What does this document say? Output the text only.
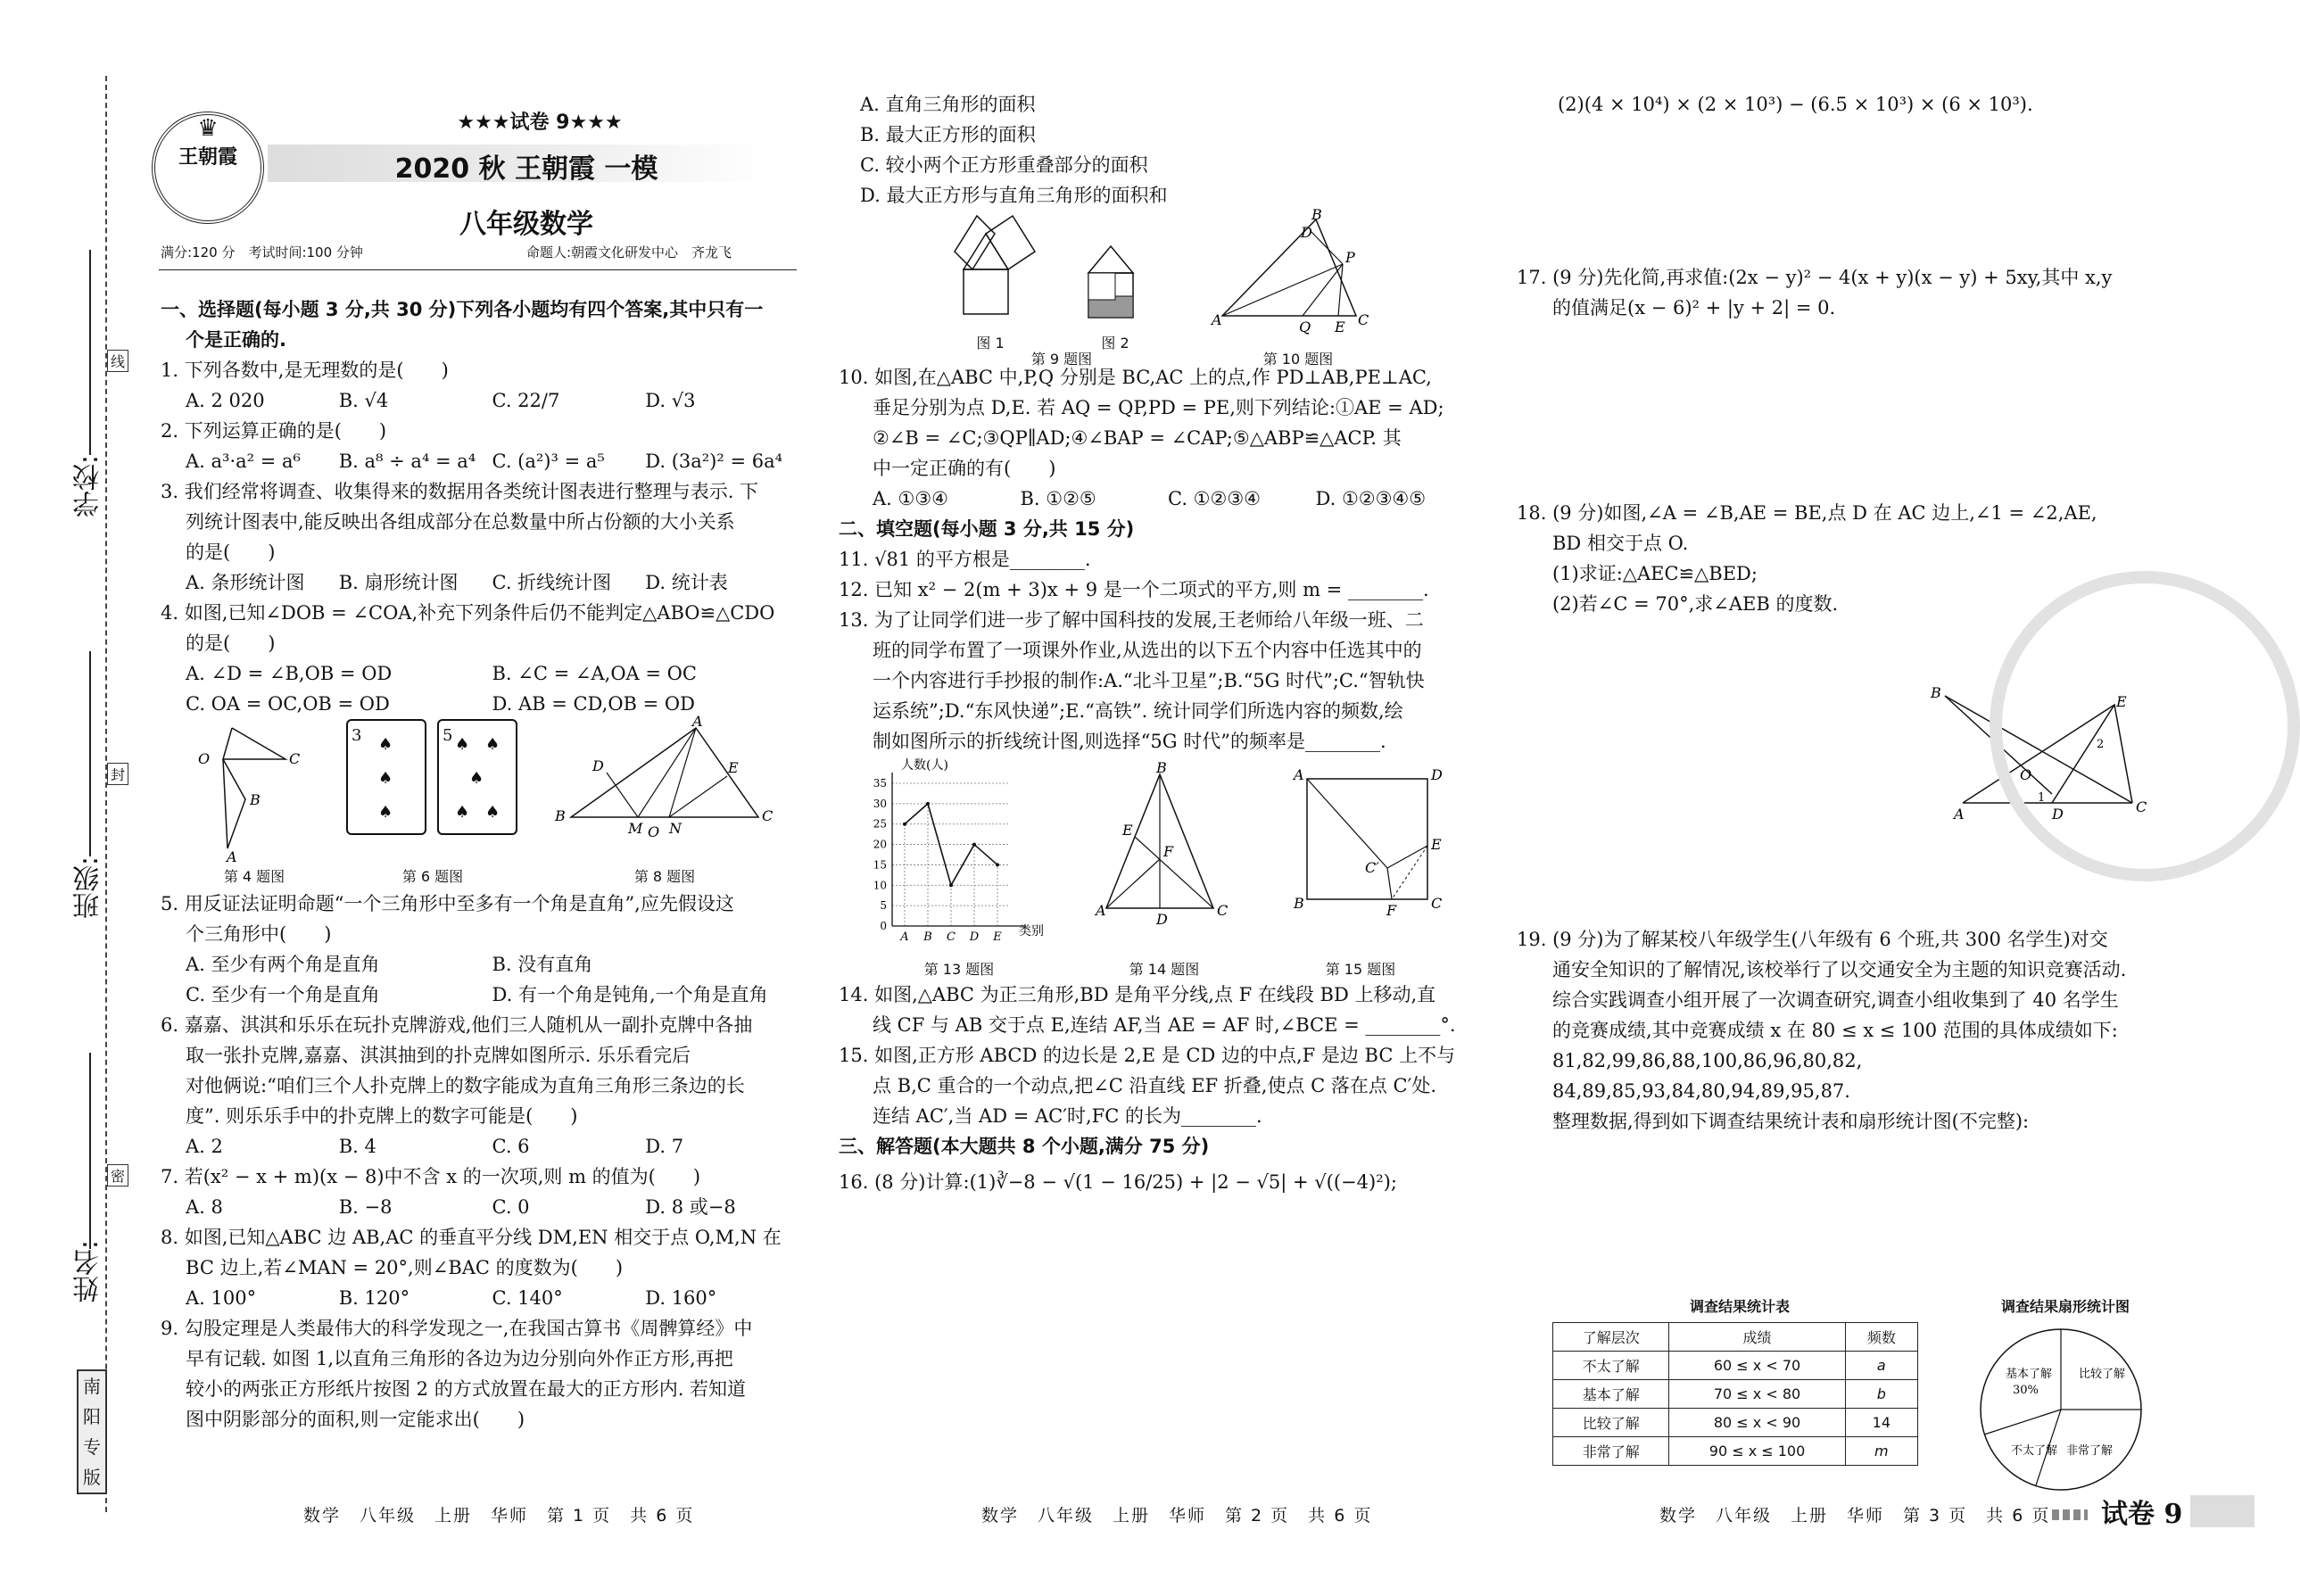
学校:
班级:
姓名:
线
封
密
南阳专版
♛
王朝霞
★★★试卷 9★★★
2020 秋 王朝霞 一模
八年级数学
满分:120 分　考试时间:100 分钟	命题人:朝霞文化研发中心　齐龙飞

一、选择题(每小题 3 分,共 30 分)下列各小题均有四个答案,其中只有一

个是正确的.

1. 下列各数中,是无理数的是(　　)

A. 2 020	B. √4	C. 22/7	D. √3

2. 下列运算正确的是(　　)

A. a³·a² = a⁶	B. a⁸ ÷ a⁴ = a⁴ C. (a²)³ = a⁵	D. (3a²)² = 6a⁴

3. 我们经常将调查、收集得来的数据用各类统计图表进行整理与表示. 下

列统计图表中,能反映出各组成部分在总数量中所占份额的大小关系

的是(　　)

A. 条形统计图	B. 扇形统计图	C. 折线统计图	D. 统计表

4. 如图,已知∠DOB = ∠COA,补充下列条件后仍不能判定△ABO≌△CDO

的是(　　)

A. ∠D = ∠B,OB = OD	B. ∠C = ∠A,OA = OC
C. OA = OC,OB = OD	D. AB = CD,OB = OD
O	C
B
A
3 ♠
♠
♠
5 ♠ ♠
♠
♠ ♠	B
A
C
D	E
M O N
第 4 题图	第 6 题图	第 8 题图

5. 用反证法证明命题“一个三角形中至多有一个角是直角”,应先假设这

个三角形中(　　)

A. 至少有两个角是直角	B. 没有直角
C. 至少有一个角是直角	D. 有一个角是钝角,一个角是直角

6. 嘉嘉、淇淇和乐乐在玩扑克牌游戏,他们三人随机从一副扑克牌中各抽

取一张扑克牌,嘉嘉、淇淇抽到的扑克牌如图所示. 乐乐看完后

对他俩说:“咱们三个人扑克牌上的数字能成为直角三角形三条边的长

度”. 则乐乐手中的扑克牌上的数字可能是(　　)

A. 2	B. 4	C. 6	D. 7

7. 若(x² − x + m)(x − 8)中不含 x 的一次项,则 m 的值为(　　)

A. 8	B. −8	C. 0	D. 8 或−8

8. 如图,已知△ABC 边 AB,AC 的垂直平分线 DM,EN 相交于点 O,M,N 在

BC 边上,若∠MAN = 20°,则∠BAC 的度数为(　　)

A. 100°	B. 120°	C. 140°	D. 160°

9. 勾股定理是人类最伟大的科学发现之一,在我国古算书《周髀算经》中

早有记载. 如图 1,以直角三角形的各边为边分别向外作正方形,再把

较小的两张正方形纸片按图 2 的方式放置在最大的正方形内. 若知道

图中阴影部分的面积,则一定能求出(　　)

A. 直角三角形的面积

B. 最大正方形的面积

C. 较小两个正方形重叠部分的面积

D. 最大正方形与直角三角形的面积和

A
B
C
P
Q E
D
图 1	图 2
第 9 题图	第 10 题图

10. 如图,在△ABC 中,P,Q 分别是 BC,AC 上的点,作 PD⊥AB,PE⊥AC,

垂足分别为点 D,E. 若 AQ = QP,PD = PE,则下列结论:①AE = AD;

②∠B = ∠C;③QP∥AD;④∠BAP = ∠CAP;⑤△ABP≌△ACP. 其

中一定正确的有(　　)

A. ①③④	B. ①②⑤	C. ①②③④	D. ①②③④⑤

二、填空题(每小题 3 分,共 15 分)

11. √81 的平方根是________.

12. 已知 x² − 2(m + 3)x + 9 是一个二项式的平方,则 m = ________.

13. 为了让同学们进一步了解中国科技的发展,王老师给八年级一班、二

班的同学布置了一项课外作业,从选出的以下五个内容中任选其中的

一个内容进行手抄报的制作:A.“北斗卫星”;B.“5G 时代”;C.“智轨快

运系统”;D.“东风快递”;E.“高铁”. 统计同学们所选内容的频数,绘

制如图所示的折线统计图,则选择“5G 时代”的频率是________.

人数(人)
类别
0
5
10
15
20
25
30
35
A B C D E
A
B
C
D
E
F
A	D
B	C
E
F
C′
第 13 题图	第 14 题图	第 15 题图

14. 如图,△ABC 为正三角形,BD 是角平分线,点 F 在线段 BD 上移动,直

线 CF 与 AB 交于点 E,连结 AF,当 AE = AF 时,∠BCE = ________°.

15. 如图,正方形 ABCD 的边长是 2,E 是 CD 边的中点,F 是边 BC 上不与

点 B,C 重合的一个动点,把∠C 沿直线 EF 折叠,使点 C 落在点 C′处.

连结 AC′,当 AD = AC′时,FC 的长为________.

三、解答题(本大题共 8 个小题,满分 75 分)

16. (8 分)计算:(1)∛−8 − √(1 − 16/25) + |2 − √5| + √((−4)²);

(2)(4 × 10⁴) × (2 × 10³) − (6.5 × 10³) × (6 × 10³).

17. (9 分)先化简,再求值:(2x − y)² − 4(x + y)(x − y) + 5xy,其中 x,y

的值满足(x − 6)² + |y + 2| = 0.

18. (9 分)如图,∠A = ∠B,AE = BE,点 D 在 AC 边上,∠1 = ∠2,AE,

BD 相交于点 O.

(1)求证:△AEC≌△BED;

(2)若∠C = 70°,求∠AEB 的度数.

19. (9 分)为了解某校八年级学生(八年级有 6 个班,共 300 名学生)对交

通安全知识的了解情况,该校举行了以交通安全为主题的知识竞赛活动.

综合实践调查小组开展了一次调查研究,调查小组收集到了 40 名学生

的竞赛成绩,其中竞赛成绩 x 在 80 ≤ x ≤ 100 范围的具体成绩如下:

81,82,99,86,88,100,86,96,80,82,

84,89,85,93,84,80,94,89,95,87.

整理数据,得到如下调查结果统计表和扇形统计图(不完整):

B
E
A	C
D
O
1
2
调查结果统计表
了解层次	成绩	频数
不太了解	60 ≤ x < 70	a
基本了解	70 ≤ x < 80	b
比较了解	80 ≤ x < 90	14
非常了解	90 ≤ x ≤ 100	m
调查结果扇形统计图
基本了解
30%
比较了解
不太了解 非常了解
数学　八年级　上册　华师　第 1 页　共 6 页	数学　八年级　上册　华师　第 2 页　共 6 页	数学　八年级　上册　华师　第 3 页　共 6 页 试卷 9
